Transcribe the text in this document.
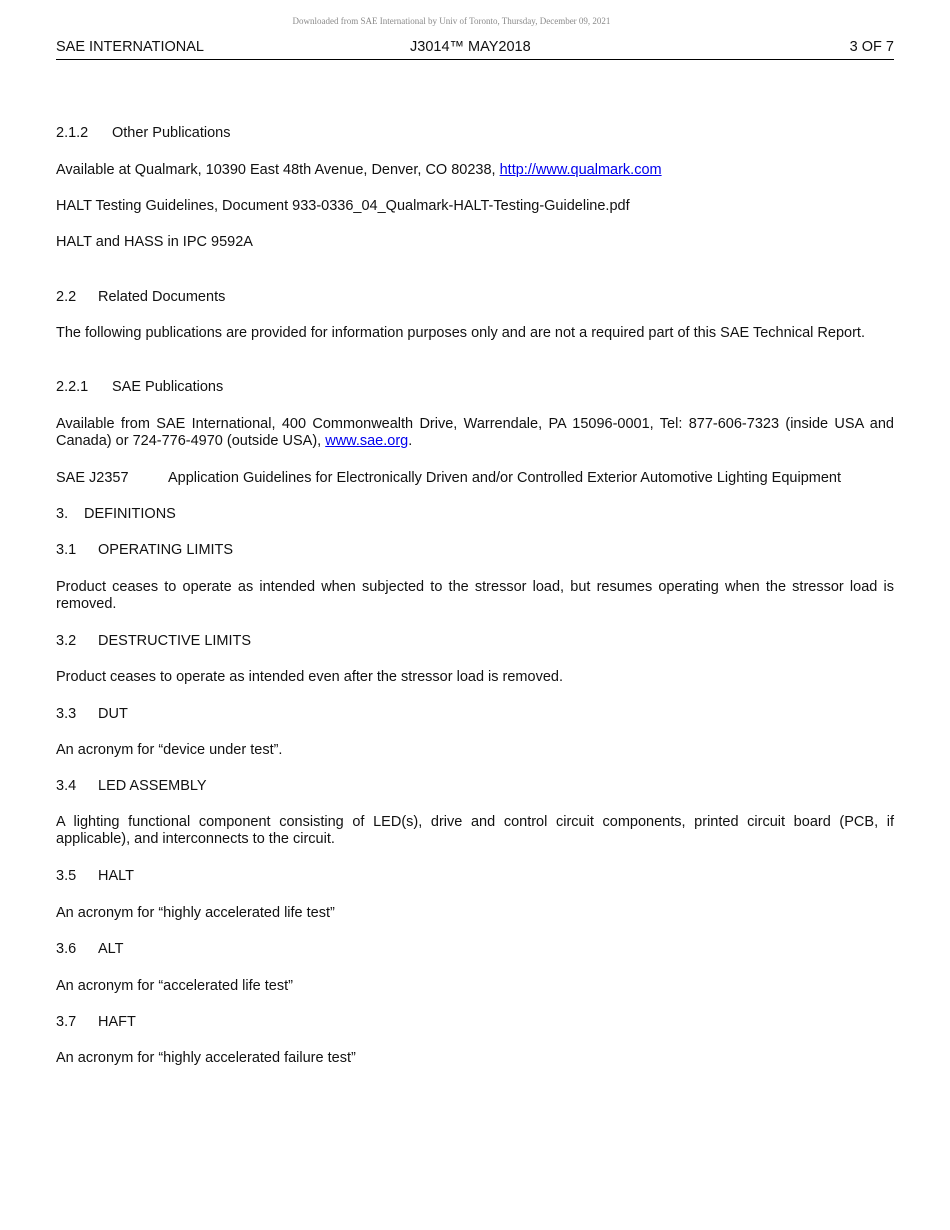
Downloaded from SAE International by Univ of Toronto, Thursday, December 09, 2021
SAE INTERNATIONAL	J3014™ MAY2018	3 OF 7
2.1.2 Other Publications
Available at Qualmark, 10390 East 48th Avenue, Denver, CO 80238, http://www.qualmark.com
HALT Testing Guidelines, Document 933-0336_04_Qualmark-HALT-Testing-Guideline.pdf
HALT and HASS in IPC 9592A
2.2 Related Documents
The following publications are provided for information purposes only and are not a required part of this SAE Technical Report.
2.2.1 SAE Publications
Available from SAE International, 400 Commonwealth Drive, Warrendale, PA 15096-0001, Tel: 877-606-7323 (inside USA and Canada) or 724-776-4970 (outside USA), www.sae.org.
SAE J2357	Application Guidelines for Electronically Driven and/or Controlled Exterior Automotive Lighting Equipment
3. DEFINITIONS
3.1 OPERATING LIMITS
Product ceases to operate as intended when subjected to the stressor load, but resumes operating when the stressor load is removed.
3.2 DESTRUCTIVE LIMITS
Product ceases to operate as intended even after the stressor load is removed.
3.3 DUT
An acronym for “device under test”.
3.4 LED ASSEMBLY
A lighting functional component consisting of LED(s), drive and control circuit components, printed circuit board (PCB, if applicable), and interconnects to the circuit.
3.5 HALT
An acronym for “highly accelerated life test”
3.6 ALT
An acronym for “accelerated life test”
3.7 HAFT
An acronym for “highly accelerated failure test”
